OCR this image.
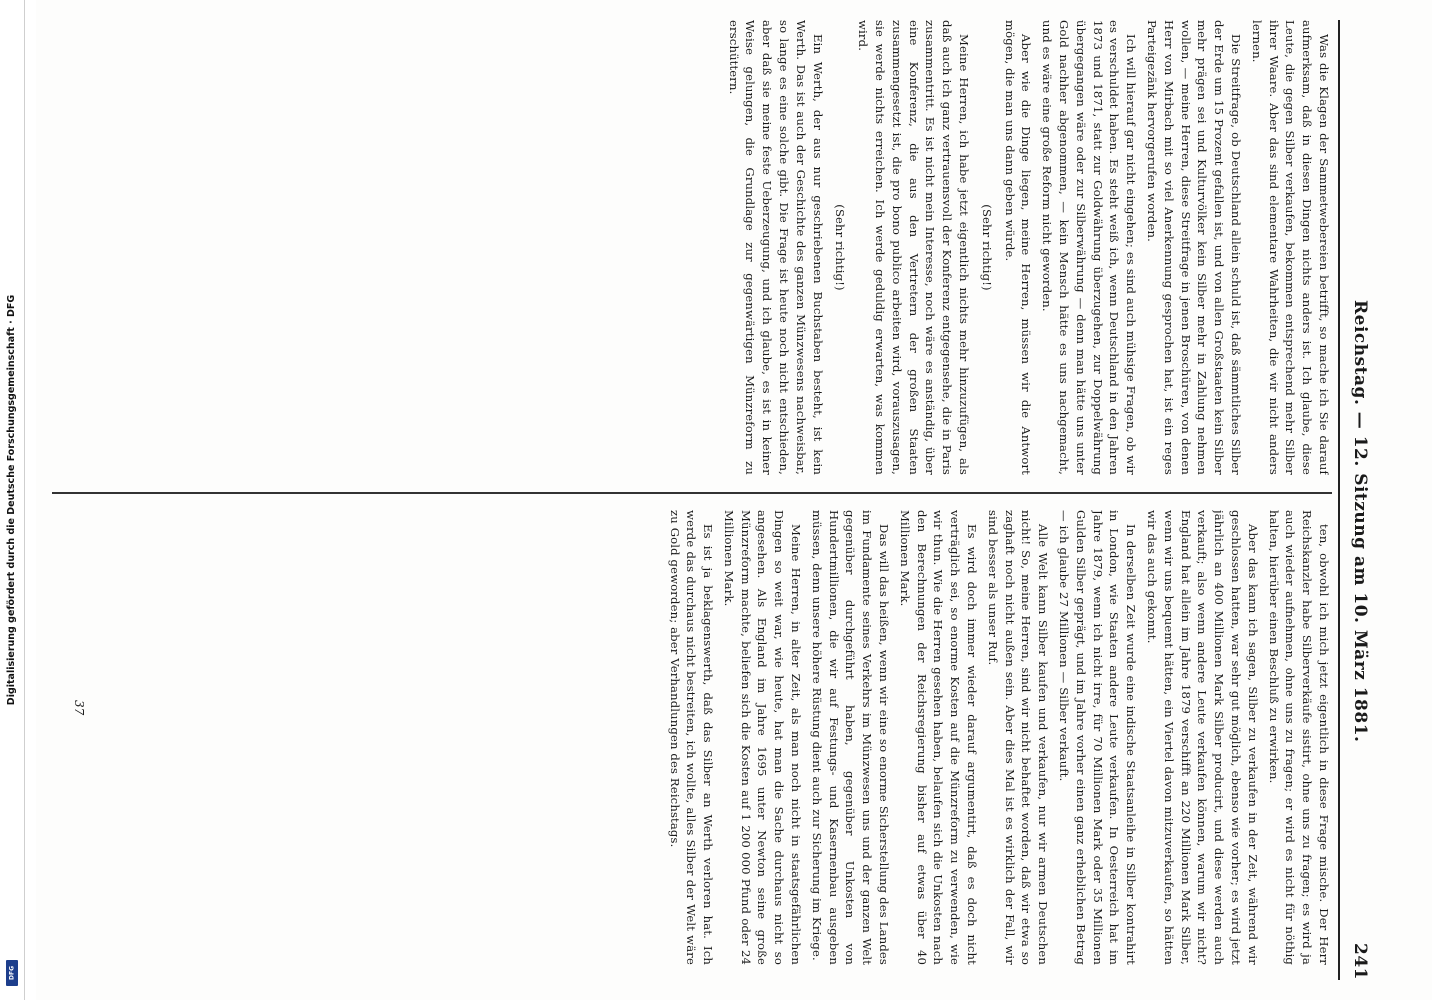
Digitalisierung gefördert durch die Deutsche Forschungsgemeinschaft · DFG
DFG
Reichstag. — 12. Sitzung am 10. März 1881.
241

Was die Klagen der Sammetwebereien betrifft, so mache ich Sie darauf aufmerksam, daß in diesen Dingen nichts anders ist. Ich glaube, diese Leute, die gegen Silber verkaufen, bekommen entsprechend mehr Silber ihrer Waare. Aber das sind elementare Wahrheiten, die wir nicht anders lernen.

Die Streitfrage, ob Deutschland allein schuld ist, daß sämmtliches Silber der Erde um 15 Prozent gefallen ist, und von allen Großstaaten kein Silber mehr prägen sei und Kulturvölker kein Silber mehr in Zahlung nehmen wollen, — meine Herren, diese Streitfrage in jenen Broschüren, von denen Herr von Mirbach mit so viel Anerkennung gesprochen hat, ist ein reges Parteigezänk hervorgerufen worden.

Ich will hierauf gar nicht eingehen; es sind auch mühsige Fragen, ob wir es verschuldet haben. Es steht weiß ich, wenn Deutschland in den Jahren 1873 und 1871, statt zur Goldwährung überzugehen, zur Doppelwährung übergegangen wäre oder zur Silberwährung — denn man hätte uns unter Gold nachher abgenommen, — kein Mensch hätte es uns nachgemacht, und es wäre eine große Reform nicht geworden.

Aber wie die Dinge liegen, meine Herren, müssen wir die Antwort mögen, die man uns dann geben würde.

(Sehr richtig!)

Meine Herren, ich habe jetzt eigentlich nichts mehr hinzuzufügen, als daß auch ich ganz vertrauensvoll der Konferenz entgegensehe, die in Paris zusammentritt. Es ist nicht mein Interesse, noch wäre es anständig, über eine Konferenz, die aus den Vertretern der großen Staaten zusammengesetzt ist, die pro bono publico arbeiten wird, vorauszusagen, sie werde nichts erreichen. Ich werde geduldig erwarten, was kommen wird.

(Sehr richtig!)

Ein Werth, der aus nur geschriebenen Buchstaben besteht, ist kein Werth. Das ist auch der Geschichte des ganzen Münzwesens nachweisbar, so lange es eine solche gibt. Die Frage ist heute noch nicht entschieden, aber daß sie meine feste Ueberzeugung, und ich glaube, es ist in keiner Weise gelungen, die Grundlage zur gegenwärtigen Münzreform zu erschüttern.

ten, obwohl ich mich jetzt eigentlich in diese Frage mische. Der Herr Reichskanzler habe Silberverkäufe sistirt, ohne uns zu fragen; es wird ja auch wieder aufnehmen, ohne uns zu fragen; er wird es nicht für nöthig halten, hierüber einen Beschluß zu erwirken.

Aber das kann ich sagen, Silber zu verkaufen in der Zeit, während wir geschlossen hatten, war sehr gut möglich, ebenso wie vorher; es wird jetzt jährlich an 400 Millionen Mark Silber producirt, und diese werden auch verkauft; also wenn andere Leute verkaufen können, warum wir nicht? England hat allein im Jahre 1879 verschifft an 220 Millionen Mark Silber, wenn wir uns bequemt hätten, ein Viertel davon mitzuverkaufen, so hätten wir das auch gekonnt.

In derselben Zeit wurde eine indische Staatsanleihe in Silber kontrahirt in London, wie Staaten andere Leute verkaufen. In Oesterreich hat im Jahre 1879, wenn ich nicht irre, für 70 Millionen Mark oder 35 Millionen Gulden Silber geprägt, und im Jahre vorher einen ganz erheblichen Betrag — ich glaube 27 Millionen — Silber verkauft.

Alle Welt kann Silber kaufen und verkaufen, nur wir armen Deutschen nicht! So, meine Herren, sind wir nicht behaftet worden, daß wir etwa so zaghaft noch nicht außen sein. Aber dies Mal ist es wirklich der Fall, wir sind besser als unser Ruf.

Es wird doch immer wieder darauf argumentirt, daß es doch nicht verträglich sei, so enorme Kosten auf die Münzreform zu verwenden, wie wir thun. Wie die Herren gesehen haben, belaufen sich die Unkosten nach den Berechnungen der Reichsregierung bisher auf etwas über 40 Millionen Mark.

Das will das heißen, wenn wir eine so enorme Sicherstellung des Landes im Fundamente seines Verkehrs im Münzwesen uns und der ganzen Welt gegenüber durchgeführt haben, gegenüber Unkosten von Hundertmillionen, die wir auf Festungs- und Kasernenbau ausgeben müssen, denn unsere höhere Rüstung dient auch zur Sicherung im Kriege.

Meine Herren, in alter Zeit, als man noch nicht in staatsgefährlichen Dingen so weit war, wie heute, hat man die Sache durchaus nicht so angesehen. Als England im Jahre 1695 unter Newton seine große Münzreform machte, beliefen sich die Kosten auf 1 200 000 Pfund oder 24 Millionen Mark.

Es ist ja beklagenswerth, daß das Silber an Werth verloren hat. Ich werde das durchaus nicht bestreiten, ich wollte, alles Silber der Welt wäre zu Gold geworden; aber Verhandlungen des Reichstags.

37
